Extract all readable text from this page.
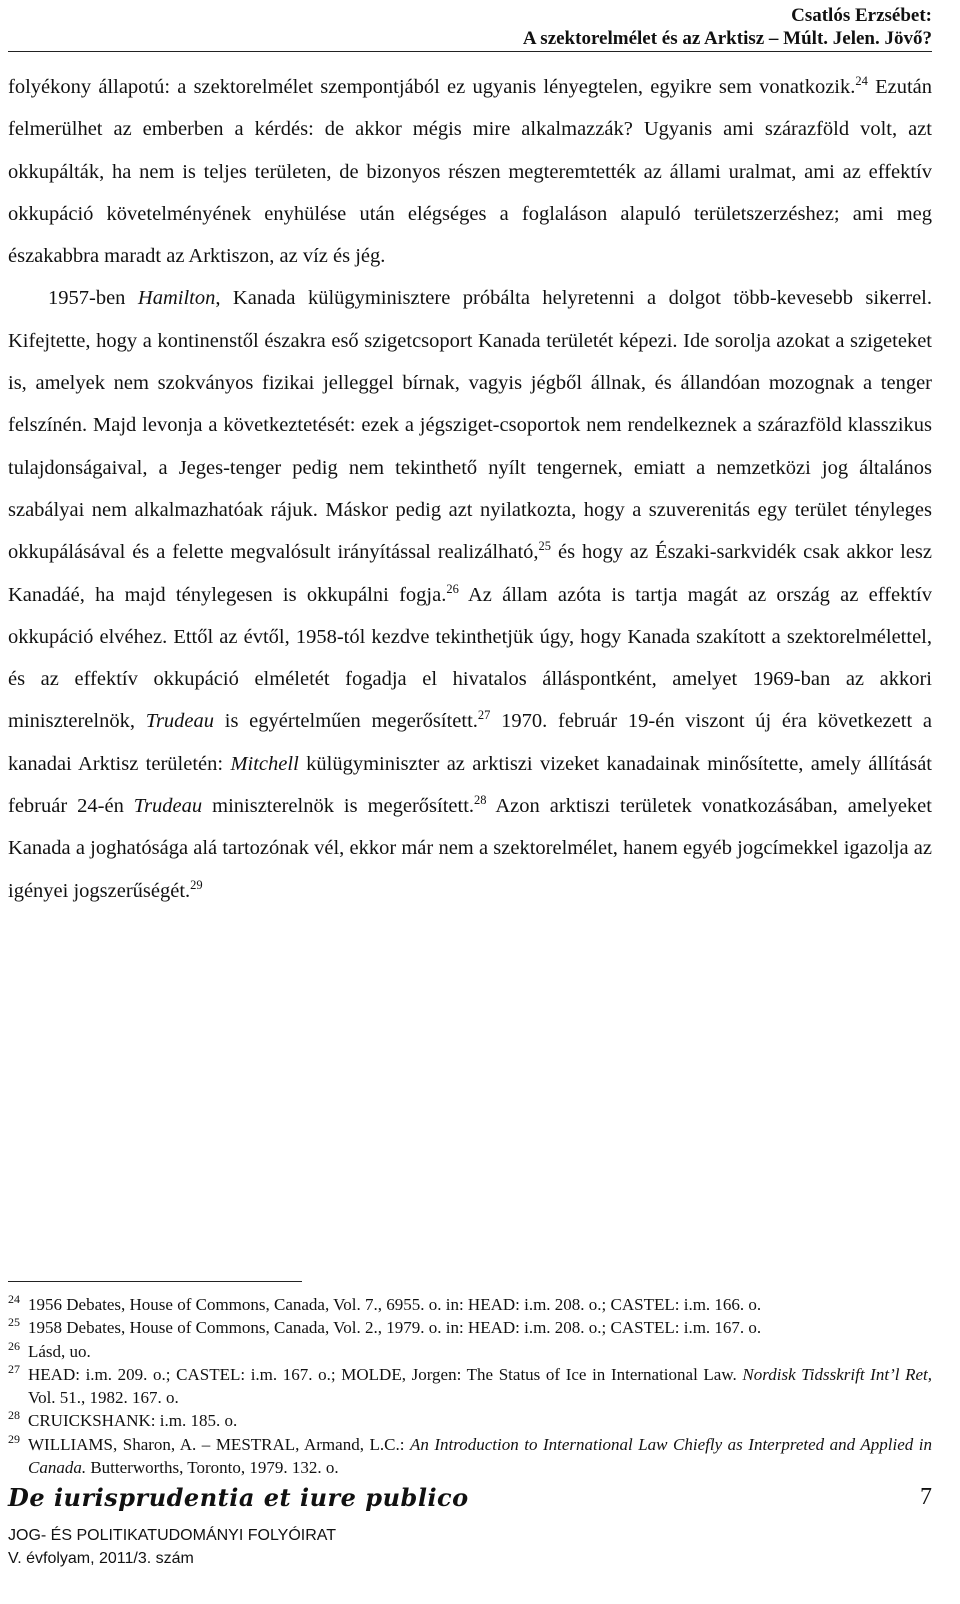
Csatlós Erzsébet:
A szektorelmélet és az Arktisz – Múlt. Jelen. Jövő?

folyékony állapotú: a szektorelmélet szempontjából ez ugyanis lényegtelen, egyikre sem vonatkozik.$^{24}$ Ezután felmerülhet az emberben a kérdés: de akkor mégis mire alkalmazzák? Ugyanis ami szárazföld volt, azt okkupálták, ha nem is teljes területen, de bizonyos részen megteremtették az állami uralmat, ami az effektív okkupáció követelményének enyhülése után elégséges a foglaláson alapuló területszerzéshez; ami meg északabbra maradt az Arktiszon, az víz és jég.

1957-ben Hamilton, Kanada külügyminisztere próbálta helyretenni a dolgot több-kevesebb sikerrel. Kifejtette, hogy a kontinenstől északra eső szigetcsoport Kanada területét képezi. Ide sorolja azokat a szigeteket is, amelyek nem szokványos fizikai jelleggel bírnak, vagyis jégből állnak, és állandóan mozognak a tenger felszínén. Majd levonja a következtetését: ezek a jégsziget-csoportok nem rendelkeznek a szárazföld klasszikus tulajdonságaival, a Jeges-tenger pedig nem tekinthető nyílt tengernek, emiatt a nemzetközi jog általános szabályai nem alkalmazhatóak rájuk. Máskor pedig azt nyilatkozta, hogy a szuverenitás egy terület tényleges okkupálásával és a felette megvalósult irányítással realizálható,$^{25}$ és hogy az Északi-sarkvidék csak akkor lesz Kanadáé, ha majd ténylegesen is okkupálni fogja.$^{26}$ Az állam azóta is tartja magát az ország az effektív okkupáció elvéhez. Ettől az évtől, 1958-tól kezdve tekinthetjük úgy, hogy Kanada szakított a szektorelmélettel, és az effektív okkupáció elméletét fogadja el hivatalos álláspontként, amelyet 1969-ban az akkori miniszterelnök, Trudeau is egyértelműen megerősített.$^{27}$ 1970. február 19-én viszont új éra következett a kanadai Arktisz területén: Mitchell külügyminiszter az arktiszi vizeket kanadainak minősítette, amely állítását február 24-én Trudeau miniszterelnök is megerősített.$^{28}$ Azon arktiszi területek vonatkozásában, amelyeket Kanada a joghatósága alá tartozónak vél, ekkor már nem a szektorelmélet, hanem egyéb jogcímekkel igazolja az igényei jogszerűségét.$^{29}$

24 1956 Debates, House of Commons, Canada, Vol. 7., 6955. o. in: HEAD: i.m. 208. o.; CASTEL: i.m. 166. o.

25 1958 Debates, House of Commons, Canada, Vol. 2., 1979. o. in: HEAD: i.m. 208. o.; CASTEL: i.m. 167. o.

26 Lásd, uo.

27 HEAD: i.m. 209. o.; CASTEL: i.m. 167. o.; MOLDE, Jorgen: The Status of Ice in International Law. Nordisk Tidsskrift Int’l Ret, Vol. 51., 1982. 167. o.

28 CRUICKSHANK: i.m. 185. o.

29 WILLIAMS, Sharon, A. – MESTRAL, Armand, L.C.: An Introduction to International Law Chiefly as Interpreted and Applied in Canada. Butterworths, Toronto, 1979. 132. o.

De iurisprudentia et iure publico	7
JOG- ÉS POLITIKATUDOMÁNYI FOLYÓIRAT
V. évfolyam, 2011/3. szám
